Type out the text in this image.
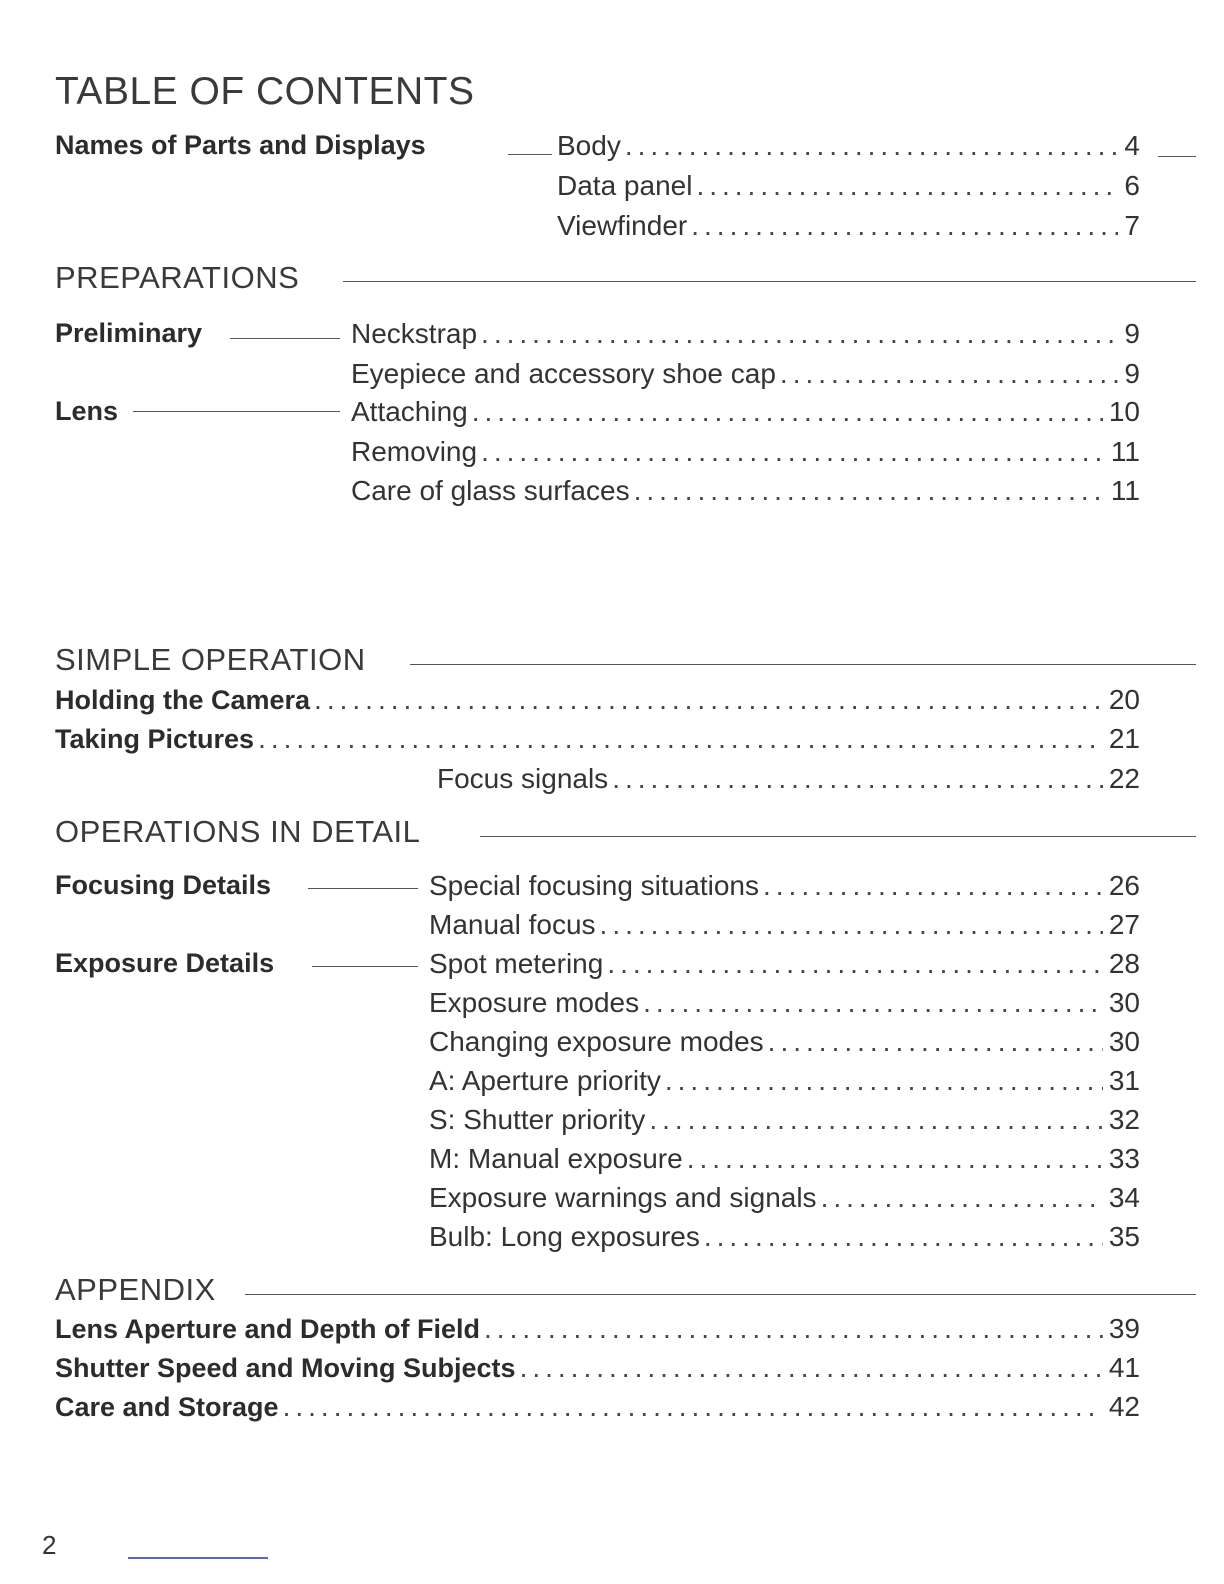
TABLE OF CONTENTS
Names of Parts and Displays	Body .....	4
Data panel .....	6
Viewfinder .....	7
PREPARATIONS
Preliminary	Neckstrap .....	9
Eyepiece and accessory shoe cap .....	9
Lens	Attaching .....	10
Removing .....	11
Care of glass surfaces .....	11
SIMPLE OPERATION
Holding the Camera .....	20
Taking Pictures .....	21
Focus signals .....	22
OPERATIONS IN DETAIL
Focusing Details	Special focusing situations .....	26
Manual focus .....	27
Exposure Details	Spot metering .....	28
Exposure modes .....	30
Changing exposure modes .....	30
A: Aperture priority .....	31
S: Shutter priority .....	32
M: Manual exposure .....	33
Exposure warnings and signals .....	34
Bulb: Long exposures .....	35
APPENDIX
Lens Aperture and Depth of Field .....	39
Shutter Speed and Moving Subjects .....	41
Care and Storage .....	42
2
